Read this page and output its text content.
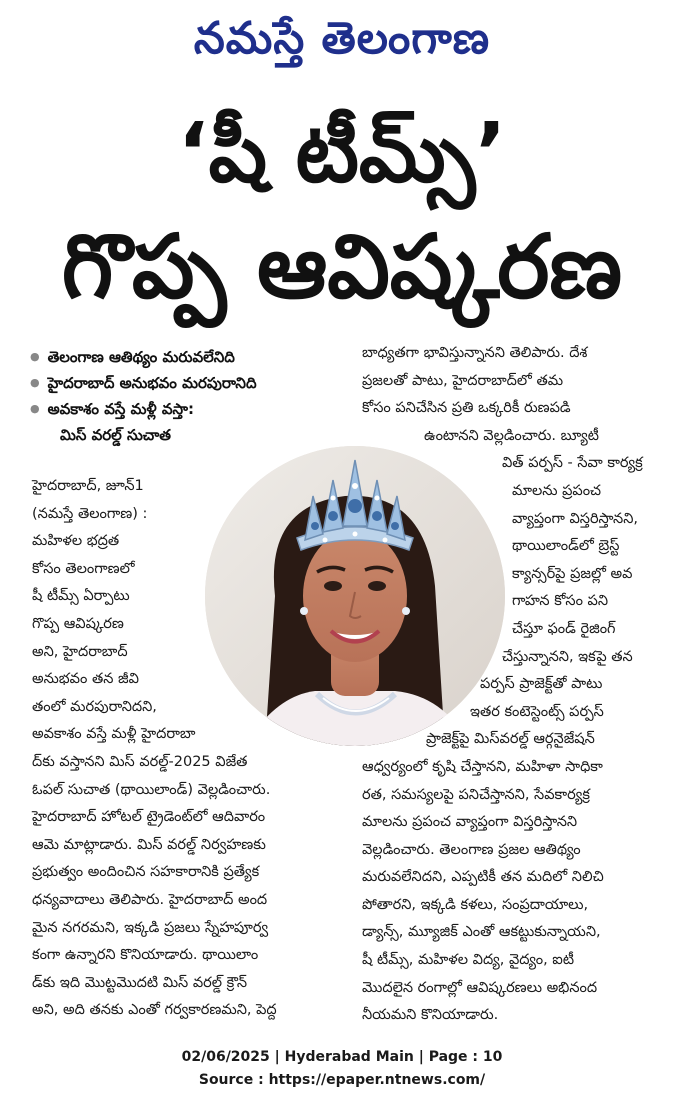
నమస్తే తెలంగాణ
‘షీ టీమ్స్’
గొప్ప ఆవిష్కరణ
● తెలంగాణ ఆతిథ్యం మరువలేనిది
● హైదరాబాద్ అనుభవం మరపురానిది
● అవకాశం వస్తే మళ్లీ వస్తా:
మిస్ వరల్డ్ సుచాత

బాధ్యతగా భావిస్తున్నానని తెలిపారు. దేశ

ప్రజలతో పాటు, హైదరాబాద్‌లో తమ

కోసం పనిచేసిన ప్రతి ఒక్కరికీ రుణపడి

ఉంటానని వెల్లడించారు. బ్యూటీ

విత్ పర్పస్ - సేవా కార్యక్ర

మాలను ప్రపంచ

వ్యాప్తంగా విస్తరిస్తానని,

థాయిలాండ్‌లో బ్రెస్ట్

క్యాన్సర్‌పై ప్రజల్లో అవ

గాహన కోసం పని

చేస్తూ ఫండ్ రైజింగ్

చేస్తున్నానని, ఇకపై తన

పర్పస్ ప్రాజెక్ట్‌తో పాటు

ఇతర కంటెస్టెంట్స్ పర్పస్

ప్రాజెక్ట్‌పై మిస్‌వరల్డ్ ఆర్గనైజేషన్

ఆధ్వర్యంలో కృషి చేస్తానని, మహిళా సాధికా

రత, సమస్యలపై పనిచేస్తానని, సేవకార్యక్ర

మాలను ప్రపంచ వ్యాప్తంగా విస్తరిస్తానని

వెల్లడించారు. తెలంగాణ ప్రజల ఆతిథ్యం

మరువలేనిదని, ఎప్పటికీ తన మదిలో నిలిచి

పోతారని, ఇక్కడి కళలు, సంప్రదాయాలు,

డ్యాన్స్, మ్యూజిక్ ఎంతో ఆకట్టుకున్నాయని,

షీ టీమ్స్, మహిళల విద్య, వైద్యం, ఐటీ

మొదలైన రంగాల్లో ఆవిష్కరణలు అభినంద

నీయమని కొనియాడారు.

హైదరాబాద్, జూన్1

(నమస్తే తెలంగాణ) :

మహిళల భద్రత

కోసం తెలంగాణలో

షీ టీమ్స్ ఏర్పాటు

గొప్ప ఆవిష్కరణ

అని, హైదరాబాద్

అనుభవం తన జీవి

తంలో మరపురానిదని,

అవకాశం వస్తే మళ్లీ హైదరాబా

ద్‌కు వస్తానని మిస్ వరల్డ్-2025 విజేత

ఓపల్ సుచాత (థాయిలాండ్) వెల్లడించారు.

హైదరాబాద్ హోటల్ ట్రైడెంట్‌లో ఆదివారం

ఆమె మాట్లాడారు. మిస్ వరల్డ్ నిర్వహణకు

ప్రభుత్వం అందించిన సహకారానికి ప్రత్యేక

ధన్యవాదాలు తెలిపారు. హైదరాబాద్ అంద

మైన నగరమని, ఇక్కడి ప్రజలు స్నేహపూర్వ

కంగా ఉన్నారని కొనియాడారు. థాయిలాం

డ్‌కు ఇది మొట్టమొదటి మిస్ వరల్డ్ క్రౌన్

అని, అది తనకు ఎంతో గర్వకారణమని, పెద్ద

02/06/2025 | Hyderabad Main | Page : 10
Source : https://epaper.ntnews.com/
